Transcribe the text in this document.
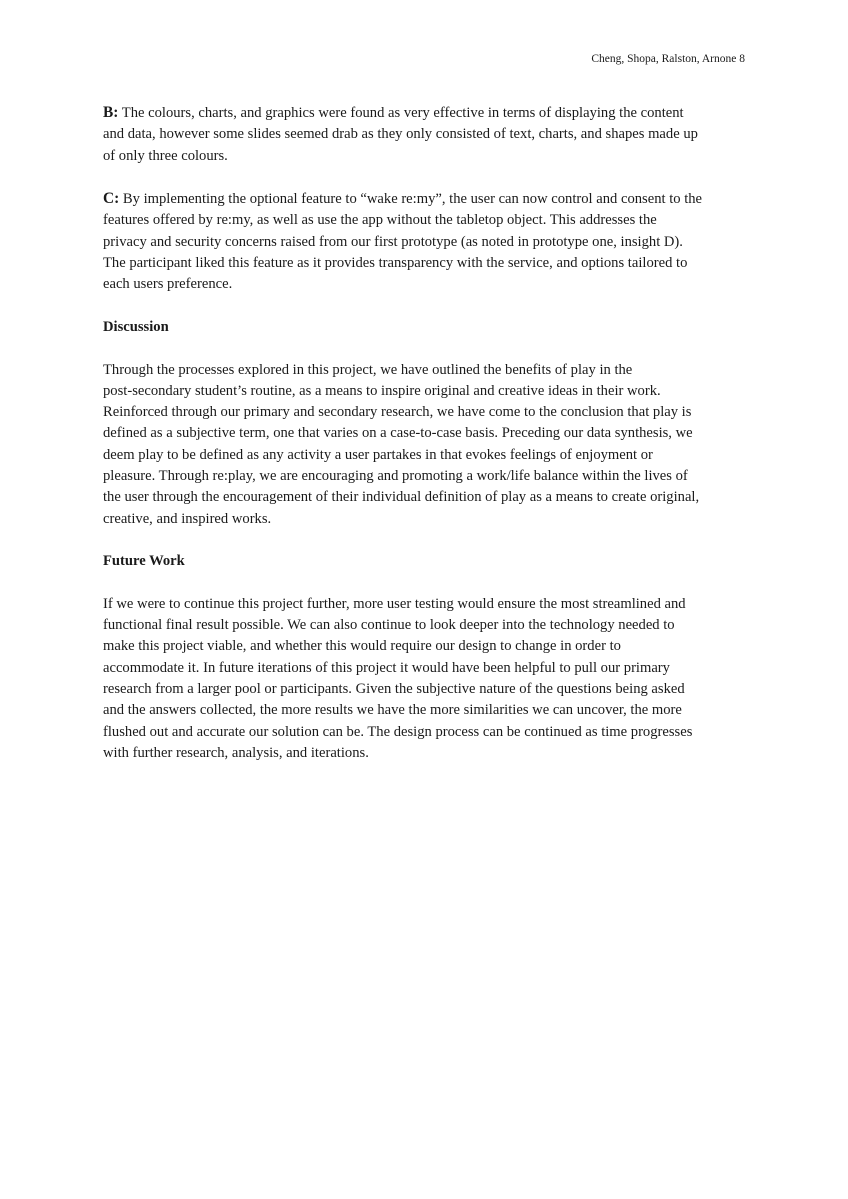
Cheng, Shopa, Ralston, Arnone 8
B: The colours, charts, and graphics were found as very effective in terms of displaying the content
and data, however some slides seemed drab as they only consisted of text, charts, and shapes made up
of only three colours.
C: By implementing the optional feature to “wake re:my”, the user can now control and consent to the
features offered by re:my, as well as use the app without the tabletop object. This addresses the
privacy and security concerns raised from our first prototype (as noted in prototype one, insight D).
The participant liked this feature as it provides transparency with the service, and options tailored to
each users preference.
Discussion
Through the processes explored in this project, we have outlined the benefits of play in the
post-secondary student’s routine, as a means to inspire original and creative ideas in their work.
Reinforced through our primary and secondary research, we have come to the conclusion that play is
defined as a subjective term, one that varies on a case-to-case basis. Preceding our data synthesis, we
deem play to be defined as any activity a user partakes in that evokes feelings of enjoyment or
pleasure. Through re:play, we are encouraging and promoting a work/life balance within the lives of
the user through the encouragement of their individual definition of play as a means to create original,
creative, and inspired works.
Future Work
If we were to continue this project further, more user testing would ensure the most streamlined and
functional final result possible. We can also continue to look deeper into the technology needed to
make this project viable, and whether this would require our design to change in order to
accommodate it. In future iterations of this project it would have been helpful to pull our primary
research from a larger pool or participants. Given the subjective nature of the questions being asked
and the answers collected, the more results we have the more similarities we can uncover, the more
flushed out and accurate our solution can be. The design process can be continued as time progresses
with further research, analysis, and iterations.
